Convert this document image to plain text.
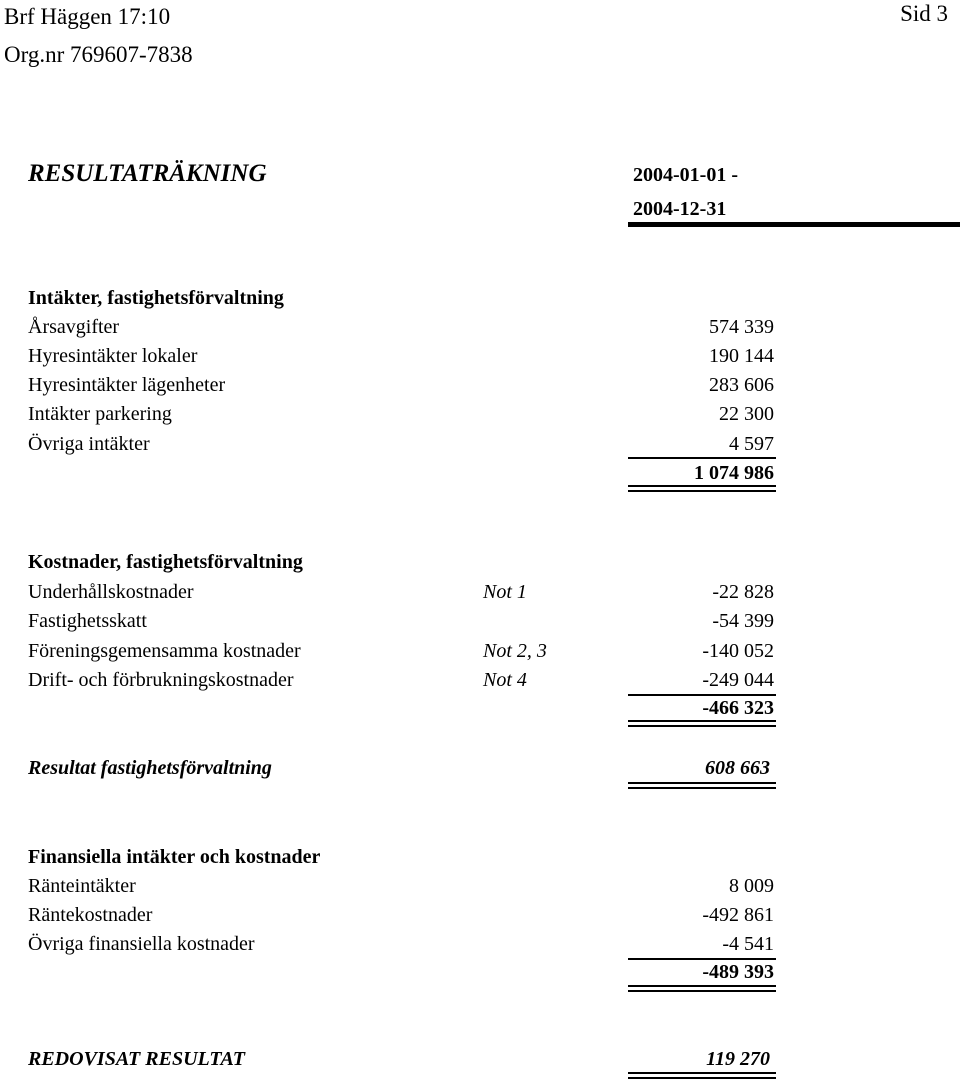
Brf Häggen 17:10
Org.nr 769607-7838
Sid 3
RESULTATRÄKNING	2004-01-01 -
2004-12-31
Intäkter, fastighetsförvaltning
Årsavgifter	574 339
Hyresintäkter lokaler	190 144
Hyresintäkter lägenheter	283 606
Intäkter parkering	22 300
Övriga intäkter	4 597
1 074 986
Kostnader, fastighetsförvaltning
Underhållskostnader	Not 1	-22 828
Fastighetsskatt	-54 399
Föreningsgemensamma kostnader	Not 2, 3	-140 052
Drift- och förbrukningskostnader	Not 4	-249 044
-466 323
Resultat fastighetsförvaltning	608 663
Finansiella intäkter och kostnader
Ränteintäkter	8 009
Räntekostnader	-492 861
Övriga finansiella kostnader	-4 541
-489 393
REDOVISAT RESULTAT	119 270
